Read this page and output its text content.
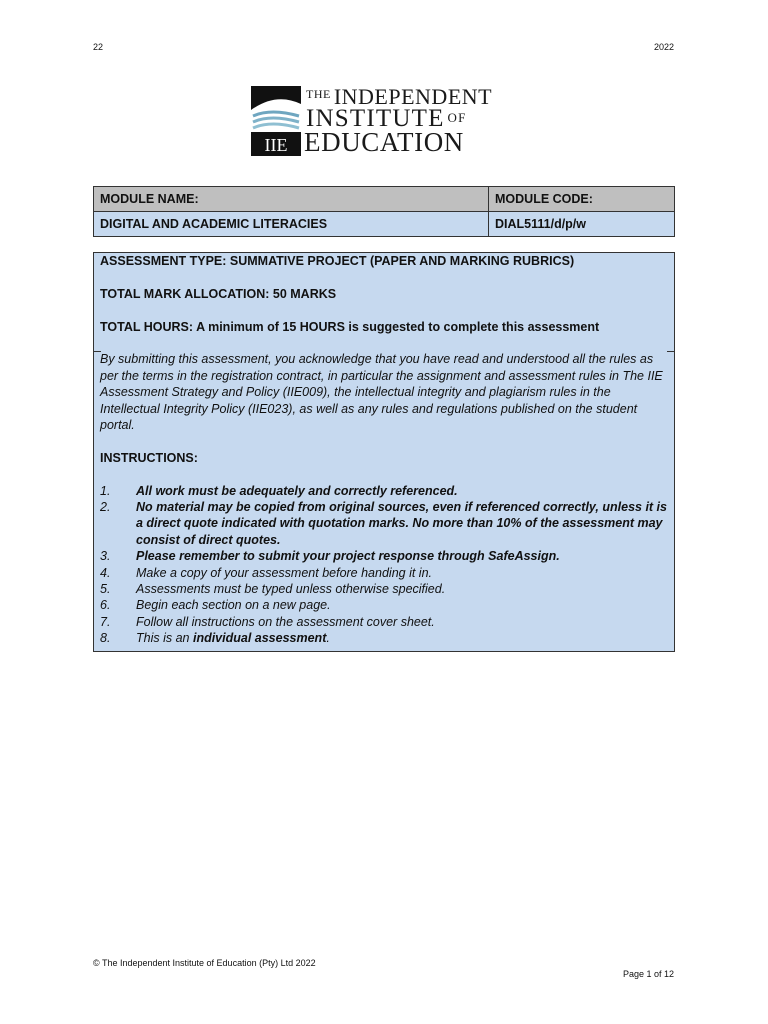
22	2022
IIE
$^{THE}$ INDEPENDENT
INSTITUTE OF
EDUCATION
MODULE NAME:	MODULE CODE:
DIGITAL AND ACADEMIC LITERACIES	DIAL5111/d/p/w

ASSESSMENT TYPE: SUMMATIVE PROJECT (PAPER AND MARKING RUBRICS)

TOTAL MARK ALLOCATION: 50 MARKS

TOTAL HOURS: A minimum of 15 HOURS is suggested to complete this assessment

By submitting this assessment, you acknowledge that you have read and understood all the rules as per the terms in the registration contract, in particular the assignment and assessment rules in The IIE Assessment Strategy and Policy (IIE009), the intellectual integrity and plagiarism rules in the Intellectual Integrity Policy (IIE023), as well as any rules and regulations published on the student portal.

INSTRUCTIONS:

1.	All work must be adequately and correctly referenced.
2.	No material may be copied from original sources, even if referenced correctly, unless it is a direct quote indicated with quotation marks. No more than 10% of the assessment may consist of direct quotes.
3.	Please remember to submit your project response through SafeAssign.
4.	Make a copy of your assessment before handing it in.
5.	Assessments must be typed unless otherwise specified.
6.	Begin each section on a new page.
7.	Follow all instructions on the assessment cover sheet.
8.	This is an individual assessment.
© The Independent Institute of Education (Pty) Ltd 2022
Page 1 of 12
